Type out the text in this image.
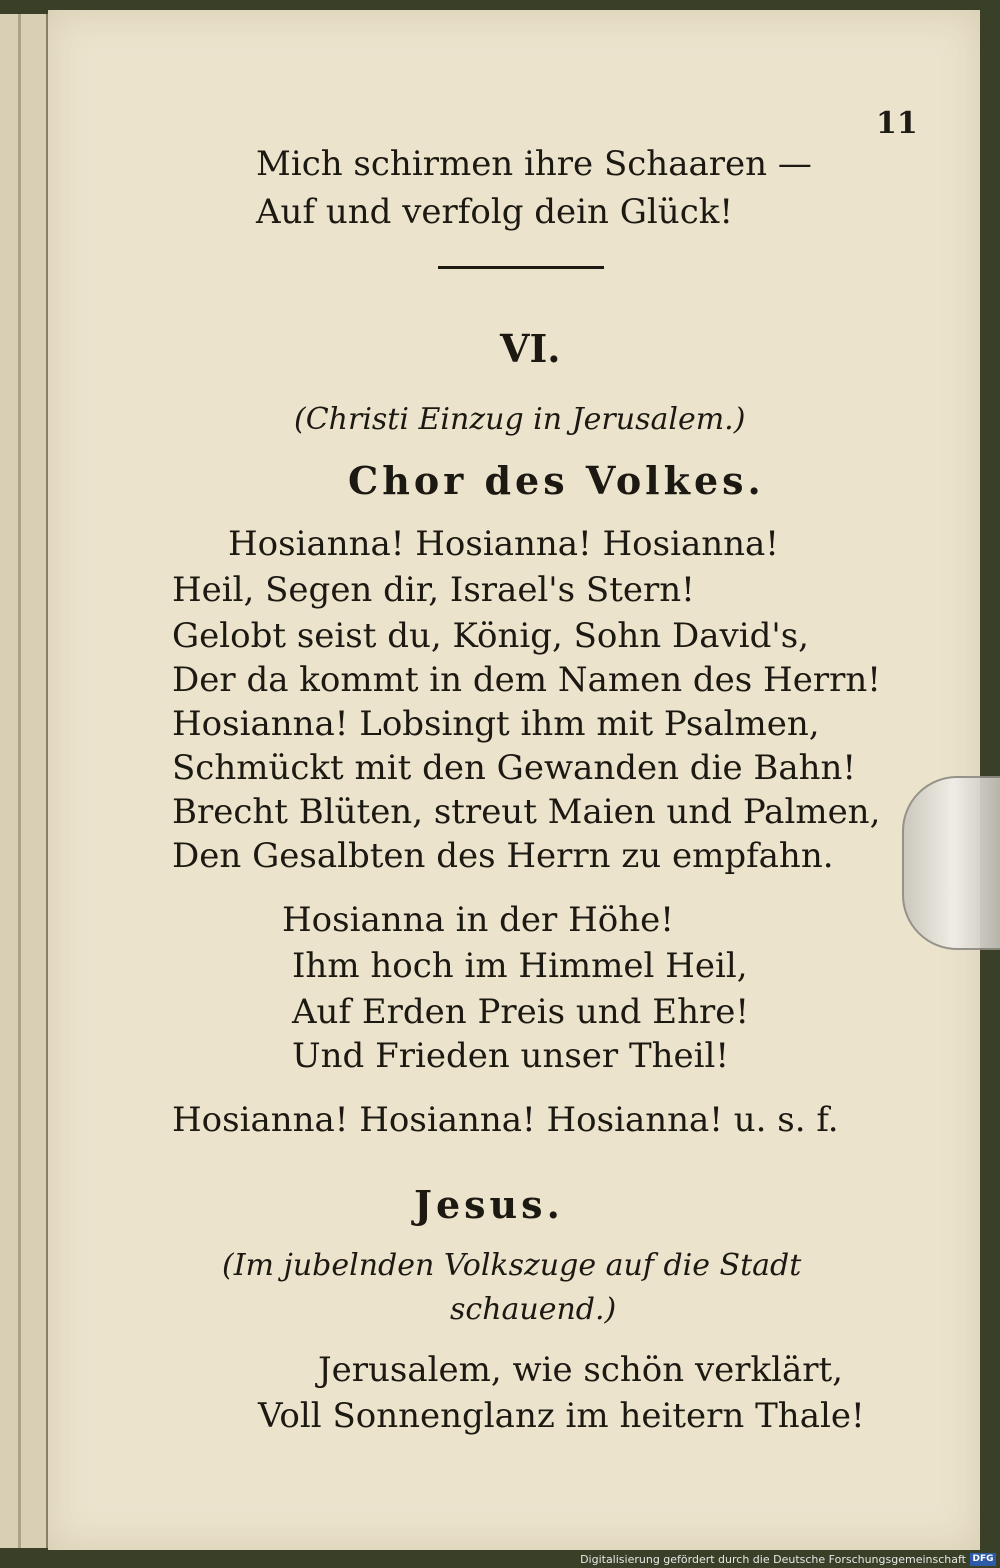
11
Mich schirmen ihre Schaaren —
Auf und verfolg dein Glück!
VI.
(Christi Einzug in Jerusalem.)
Chor des Volkes.
Hosianna! Hosianna! Hosianna!
Heil, Segen dir, Israel's Stern!
Gelobt seist du, König, Sohn David's,
Der da kommt in dem Namen des Herrn!
Hosianna! Lobsingt ihm mit Psalmen,
Schmückt mit den Gewanden die Bahn!
Brecht Blüten, streut Maien und Palmen,
Den Gesalbten des Herrn zu empfahn.
Hosianna in der Höhe!
Ihm hoch im Himmel Heil,
Auf Erden Preis und Ehre!
Und Frieden unser Theil!
Hosianna! Hosianna! Hosianna! u. s. f.
Jesus.
(Im jubelnden Volkszuge auf die Stadt
schauend.)
Jerusalem, wie schön verklärt,
Voll Sonnenglanz im heitern Thale!
Digitalisierung gefördert durch die Deutsche Forschungsgemeinschaft DFG
